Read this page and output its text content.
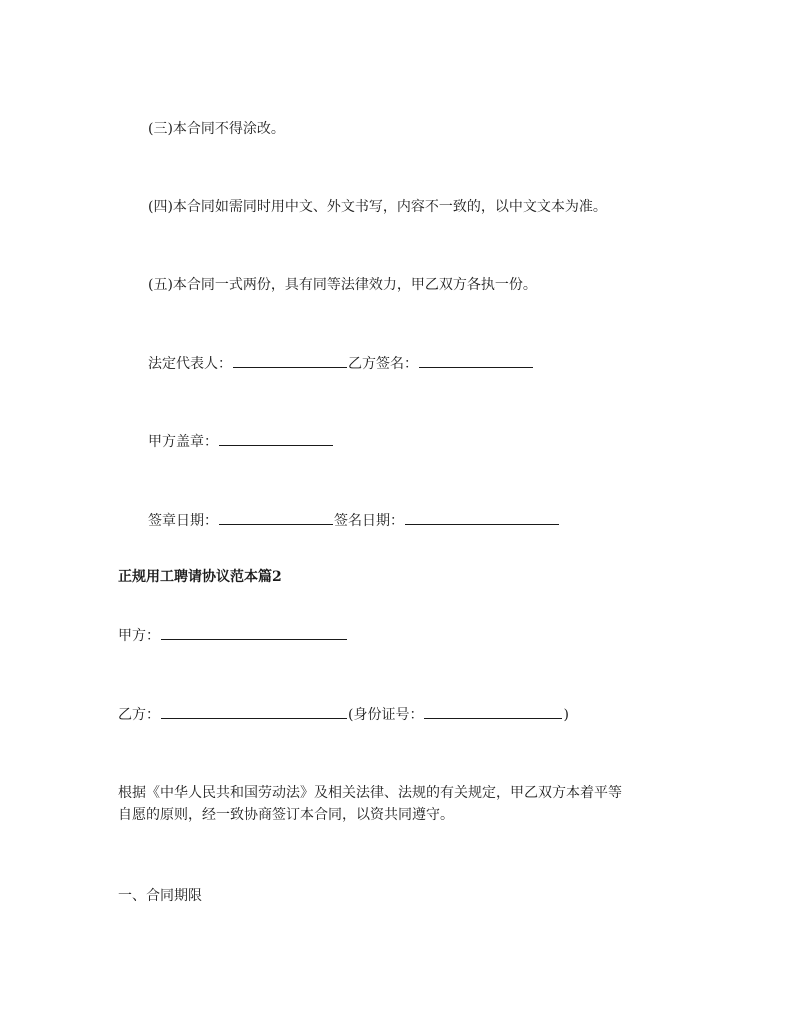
(三)本合同不得涂改。
(四)本合同如需同时用中文、外文书写，内容不一致的，以中文文本为准。
(五)本合同一式两份，具有同等法律效力，甲乙双方各执一份。
法定代表人：	乙方签名：
甲方盖章：
签章日期：	签名日期：
正规用工聘请协议范本篇2
甲方：
乙方：	(身份证号：	)
根据《中华人民共和国劳动法》及相关法律、法规的有关规定，甲乙双方本着平等
自愿的原则，经一致协商签订本合同，以资共同遵守。
一、合同期限
